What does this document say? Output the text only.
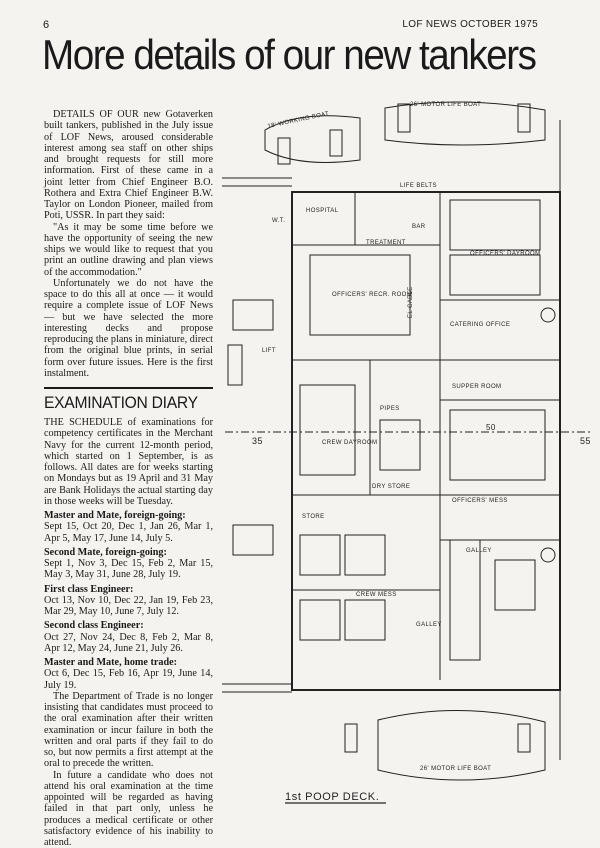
6	LOF NEWS OCTOBER 1975
More details of our new tankers

DETAILS OF OUR new Gotaverken built tankers, published in the July issue of LOF News, aroused considerable interest among sea staff on other ships and brought requests for still more information. First of these came in a joint letter from Chief Engineer B.O. Rothera and Extra Chief Engineer B.W. Taylor on London Pioneer, mailed from Poti, USSR. In part they said:

"As it may be some time before we have the opportunity of seeing the new ships we would like to request that you print an outline drawing and plan views of the accommodation."

Unfortunately we do not have the space to do this all at once — it would require a complete issue of LOF News — but we have selected the more interesting decks and propose reproducing the plans in miniature, direct from the original blue prints, in serial form over future issues. Here is the first instalment.

EXAMINATION DIARY

THE SCHEDULE of examinations for competency certificates in the Merchant Navy for the current 12-month period, which started on 1 September, is as follows. All dates are for weeks starting on Mondays but as 19 April and 31 May are Bank Holidays the actual starting day in those weeks will be Tuesday.

Master and Mate, foreign-going:

Sept 15, Oct 20, Dec 1, Jan 26, Mar 1, Apr 5, May 17, June 14, July 5.

Second Mate, foreign-going:

Sept 1, Nov 3, Dec 15, Feb 2, Mar 15, May 3, May 31, June 28, July 19.

First class Engineer:

Oct 13, Nov 10, Dec 22, Jan 19, Feb 23, Mar 29, May 10, June 7, July 12.

Second class Engineer:

Oct 27, Nov 24, Dec 8, Feb 2, Mar 8, Apr 12, May 24, June 21, July 26.

Master and Mate, home trade:

Oct 6, Dec 15, Feb 16, Apr 19, June 14, July 19.

The Department of Trade is no longer insisting that candidates must proceed to the oral examination after their written examination or incur failure in both the written and oral parts if they fail to do so, but now permits a first attempt at the oral to precede the written.

In future a candidate who does not attend his oral examination at the time appointed will be regarded as having failed in that part only, unless he produces a medical certificate or other satisfactory evidence of his inability to attend.

18' WORKING BOAT
26' MOTOR LIFE BOAT
26' MOTOR LIFE BOAT
HOSPITAL
TREATMENT
BAR
OFFICERS' DAYROOM
OFFICERS' RECR. ROOM
CATERING OFFICE
LIFT
PIPES
EL CABLE
SUPPER ROOM
CREW DAYROOM
DRY STORE
OFFICERS' MESS
STORE
GALLEY
GALLEY
CREW MESS
W.T.
LIFE BELTS
35
50
55
1st POOP DECK.
